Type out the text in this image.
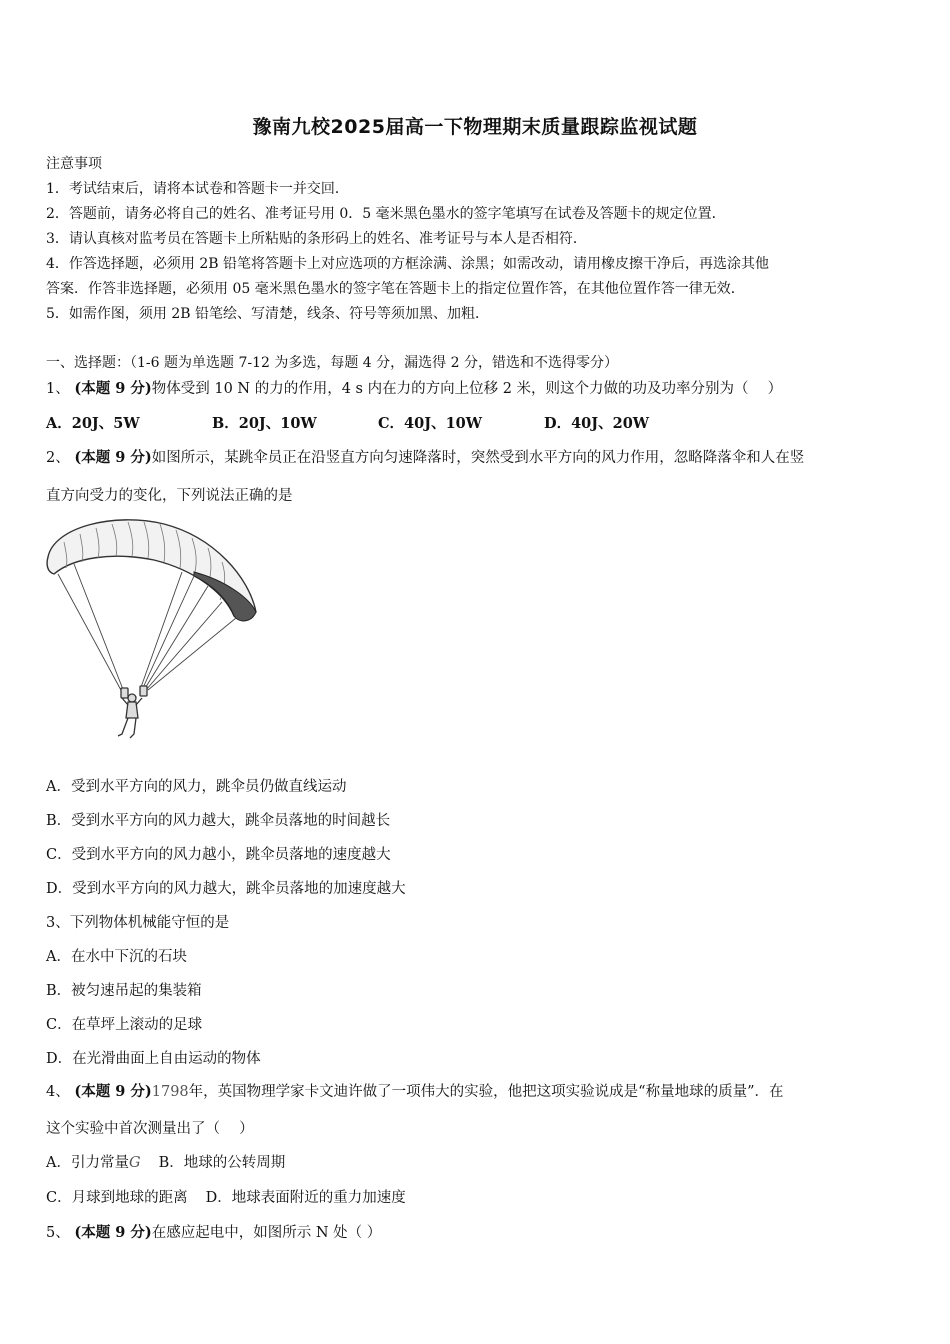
豫南九校2025届高一下物理期末质量跟踪监视试题
注意事项
1．考试结束后，请将本试卷和答题卡一并交回．
2．答题前，请务必将自己的姓名、准考证号用 0．5 毫米黑色墨水的签字笔填写在试卷及答题卡的规定位置．
3．请认真核对监考员在答题卡上所粘贴的条形码上的姓名、准考证号与本人是否相符．
4．作答选择题，必须用 2B 铅笔将答题卡上对应选项的方框涂满、涂黑；如需改动，请用橡皮擦干净后，再选涂其他
答案．作答非选择题，必须用 05 毫米黑色墨水的签字笔在答题卡上的指定位置作答，在其他位置作答一律无效．
5．如需作图，须用 2B 铅笔绘、写清楚，线条、符号等须加黑、加粗．
一、选择题：（1-6 题为单选题 7-12 为多选，每题 4 分，漏选得 2 分，错选和不选得零分）
1、 (本题 9 分)物体受到 10 N 的力的作用，4 s 内在力的方向上位移 2 米，则这个力做的功及功率分别为（　 ）
A．20J、5W	B．20J、10W	C．40J、10W	D．40J、20W
2、 (本题 9 分)如图所示，某跳伞员正在沿竖直方向匀速降落时，突然受到水平方向的风力作用，忽略降落伞和人在竖
直方向受力的变化，下列说法正确的是
A．受到水平方向的风力，跳伞员仍做直线运动
B．受到水平方向的风力越大，跳伞员落地的时间越长
C．受到水平方向的风力越小，跳伞员落地的速度越大
D．受到水平方向的风力越大，跳伞员落地的加速度越大
3、下列物体机械能守恒的是
A．在水中下沉的石块
B．被匀速吊起的集装箱
C．在草坪上滚动的足球
D．在光滑曲面上自由运动的物体
4、 (本题 9 分)1798年，英国物理学家卡文迪许做了一项伟大的实验，他把这项实验说成是“称量地球的质量”．在
这个实验中首次测量出了（　 ）
A．引力常量G B．地球的公转周期
C．月球到地球的距离 D．地球表面附近的重力加速度
5、 (本题 9 分)在感应起电中，如图所示 N 处（ ）
